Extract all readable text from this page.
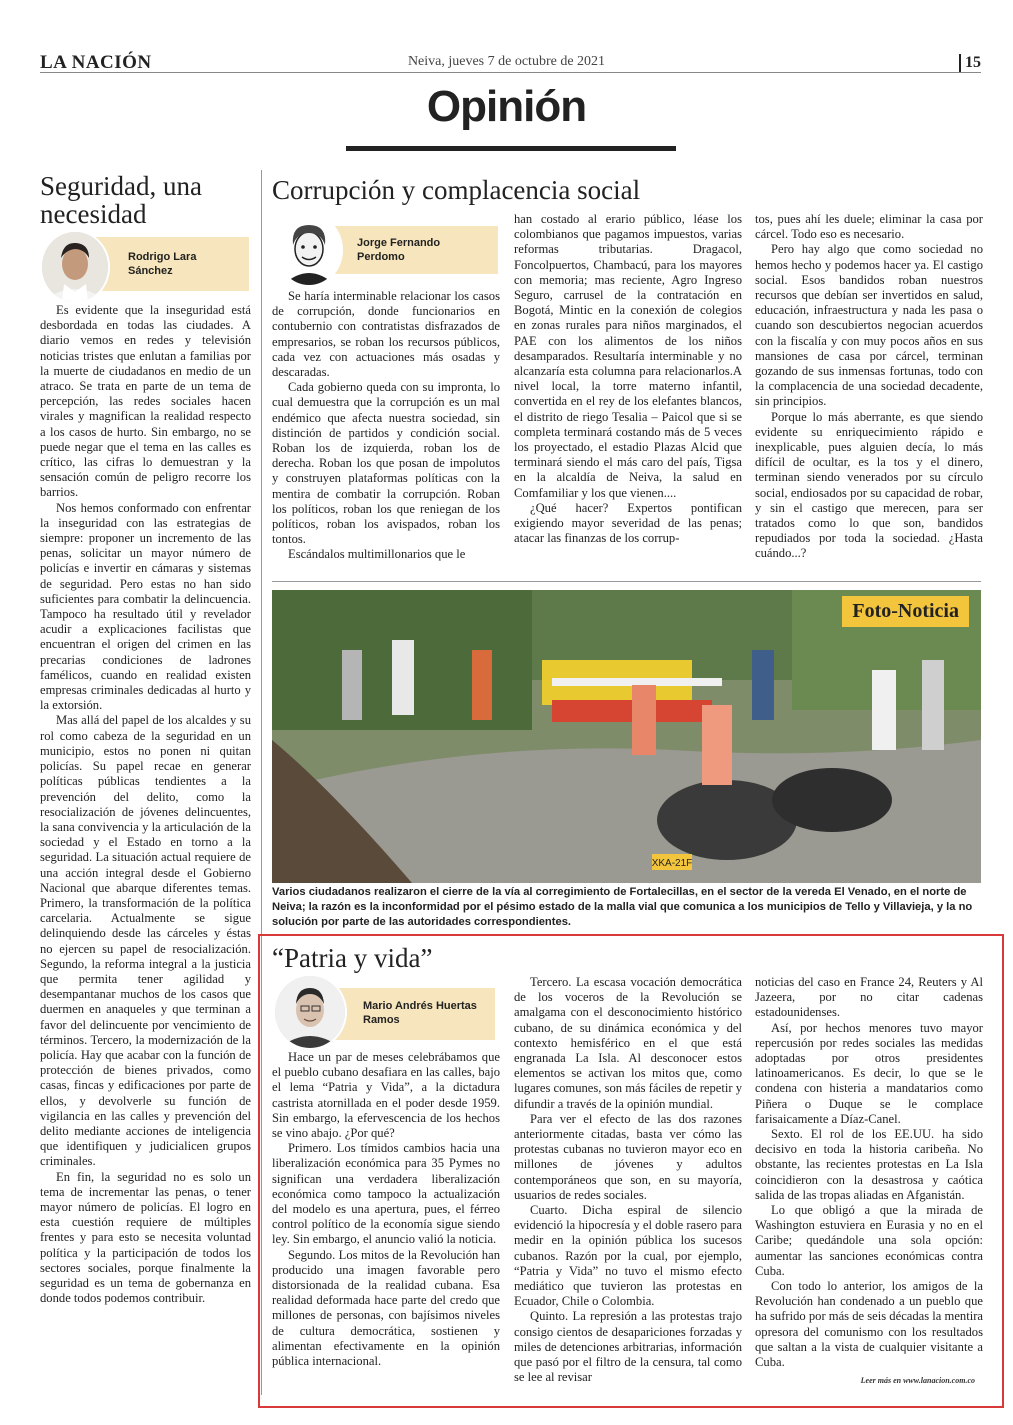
LA NACIÓN	Neiva, jueves 7 de octubre de 2021	15
Opinión
Seguridad, una necesidad
Rodrigo Lara Sánchez

Es evidente que la inseguridad está desbordada en todas las ciudades. A diario vemos en redes y televisión noticias tristes que enlutan a familias por la muerte de ciudadanos en medio de un atraco. Se trata en parte de un tema de percepción, las redes sociales hacen virales y magnifican la realidad respecto a los casos de hurto. Sin embargo, no se puede negar que el tema en las calles es crítico, las cifras lo demuestran y la sensación común de peligro recorre los barrios.

Nos hemos conformado con enfrentar la inseguridad con las estrategias de siempre: proponer un incremento de las penas, solicitar un mayor número de policías e invertir en cámaras y sistemas de seguridad. Pero estas no han sido suficientes para combatir la delincuencia. Tampoco ha resultado útil y revelador acudir a explicaciones facilistas que encuentran el origen del crimen en las precarias condiciones de ladrones famélicos, cuando en realidad existen empresas criminales dedicadas al hurto y la extorsión.

Mas allá del papel de los alcaldes y su rol como cabeza de la seguridad en un municipio, estos no ponen ni quitan policías. Su papel recae en generar políticas públicas tendientes a la prevención del delito, como la resocialización de jóvenes delincuentes, la sana convivencia y la articulación de la sociedad y el Estado en torno a la seguridad. La situación actual requiere de una acción integral desde el Gobierno Nacional que abarque diferentes temas. Primero, la transformación de la política carcelaria. Actualmente se sigue delinquiendo desde las cárceles y éstas no ejercen su papel de resocialización. Segundo, la reforma integral a la justicia que permita tener agilidad y desempantanar muchos de los casos que duermen en anaqueles y que terminan a favor del delincuente por vencimiento de términos. Tercero, la modernización de la policía. Hay que acabar con la función de protección de bienes privados, como casas, fincas y edificaciones por parte de ellos, y devolverle su función de vigilancia en las calles y prevención del delito mediante acciones de inteligencia que identifiquen y judicialicen grupos criminales.

En fin, la seguridad no es solo un tema de incrementar las penas, o tener mayor número de policías. El logro en esta cuestión requiere de múltiples frentes y para esto se necesita voluntad política y la participación de todos los sectores sociales, porque finalmente la seguridad es un tema de gobernanza en donde todos podemos contribuir.

Corrupción y complacencia social
Jorge Fernando Perdomo

Se haría interminable relacionar los casos de corrupción, donde funcionarios en contubernio con contratistas disfrazados de empresarios, se roban los recursos públicos, cada vez con actuaciones más osadas y descaradas.

Cada gobierno queda con su impronta, lo cual demuestra que la corrupción es un mal endémico que afecta nuestra sociedad, sin distinción de partidos y condición social. Roban los de izquierda, roban los de derecha. Roban los que posan de impolutos y construyen plataformas políticas con la mentira de combatir la corrupción. Roban los políticos, roban los que reniegan de los políticos, roban los avispados, roban los tontos.

Escándalos multimillonarios que le

han costado al erario público, léase los colombianos que pagamos impuestos, varias reformas tributarias. Dragacol, Foncolpuertos, Chambacú, para los mayores con memoria; mas reciente, Agro Ingreso Seguro, carrusel de la contratación en Bogotá, Mintic en la conexión de colegios en zonas rurales para niños marginados, el PAE con los alimentos de los niños desamparados. Resultaría interminable y no alcanzaría esta columna para relacionarlos.A nivel local, la torre materno infantil, convertida en el rey de los elefantes blancos, el distrito de riego Tesalia – Paicol que si se completa terminará costando más de 5 veces los proyectado, el estadio Plazas Alcid que terminará siendo el más caro del país, Tigsa en la alcaldía de Neiva, la salud en Comfamiliar y los que vienen....

¿Qué hacer? Expertos pontifican exigiendo mayor severidad de las penas; atacar las finanzas de los corrup-

tos, pues ahí les duele; eliminar la casa por cárcel. Todo eso es necesario.

Pero hay algo que como sociedad no hemos hecho y podemos hacer ya. El castigo social. Esos bandidos roban nuestros recursos que debían ser invertidos en salud, educación, infraestructura y nada les pasa o cuando son descubiertos negocian acuerdos con la fiscalía y con muy pocos años en sus mansiones de casa por cárcel, terminan gozando de sus inmensas fortunas, todo con la complacencia de una sociedad decadente, sin principios.

Porque lo más aberrante, es que siendo evidente su enriquecimiento rápido e inexplicable, pues alguien decía, lo más difícil de ocultar, es la tos y el dinero, terminan siendo venerados por su círculo social, endiosados por su capacidad de robar, y sin el castigo que merecen, para ser tratados como lo que son, bandidos repudiados por toda la sociedad. ¿Hasta cuándo...?

XKA-21F
Foto-Noticia
Varios ciudadanos realizaron el cierre de la vía al corregimiento de Fortalecillas, en el sector de la vereda El Venado, en el norte de Neiva; la razón es la inconformidad por el pésimo estado de la malla vial que comunica a los municipios de Tello y Villavieja, y la no solución por parte de las autoridades correspondientes.
“Patria y vida”
Mario Andrés Huertas Ramos

Hace un par de meses celebrábamos que el pueblo cubano desafiara en las calles, bajo el lema “Patria y Vida”, a la dictadura castrista atornillada en el poder desde 1959. Sin embargo, la efervescencia de los hechos se vino abajo. ¿Por qué?

Primero. Los tímidos cambios hacia una liberalización económica para 35 Pymes no significan una verdadera liberalización económica como tampoco la actualización del modelo es una apertura, pues, el férreo control político de la economía sigue siendo ley. Sin embargo, el anuncio valió la noticia.

Segundo. Los mitos de la Revolución han producido una imagen favorable pero distorsionada de la realidad cubana. Esa realidad deformada hace parte del credo que millones de personas, con bajísimos niveles de cultura democrática, sostienen y alimentan efectivamente en la opinión pública internacional.

Tercero. La escasa vocación democrática de los voceros de la Revolución se amalgama con el desconocimiento histórico cubano, de su dinámica económica y del contexto hemisférico en el que está engranada La Isla. Al desconocer estos elementos se activan los mitos que, como lugares comunes, son más fáciles de repetir y difundir a través de la opinión mundial.

Para ver el efecto de las dos razones anteriormente citadas, basta ver cómo las protestas cubanas no tuvieron mayor eco en millones de jóvenes y adultos contemporáneos que son, en su mayoría, usuarios de redes sociales.

Cuarto. Dicha espiral de silencio evidenció la hipocresía y el doble rasero para medir en la opinión pública los sucesos cubanos. Razón por la cual, por ejemplo, “Patria y Vida” no tuvo el mismo efecto mediático que tuvieron las protestas en Ecuador, Chile o Colombia.

Quinto. La represión a las protestas trajo consigo cientos de desapariciones forzadas y miles de detenciones arbitrarias, información que pasó por el filtro de la censura, tal como se lee al revisar

noticias del caso en France 24, Reuters y Al Jazeera, por no citar cadenas estadounidenses.

Así, por hechos menores tuvo mayor repercusión por redes sociales las medidas adoptadas por otros presidentes latinoamericanos. Es decir, lo que se le condena con histeria a mandatarios como Piñera o Duque se le complace farisaicamente a Díaz-Canel.

Sexto. El rol de los EE.UU. ha sido decisivo en toda la historia caribeña. No obstante, las recientes protestas en La Isla coincidieron con la desastrosa y caótica salida de las tropas aliadas en Afganistán.

Lo que obligó a que la mirada de Washington estuviera en Eurasia y no en el Caribe; quedándole una sola opción: aumentar las sanciones económicas contra Cuba.

Con todo lo anterior, los amigos de la Revolución han condenado a un pueblo que ha sufrido por más de seis décadas la mentira opresora del comunismo con los resultados que saltan a la vista de cualquier visitante a Cuba.

Leer más en www.lanacion.com.co
